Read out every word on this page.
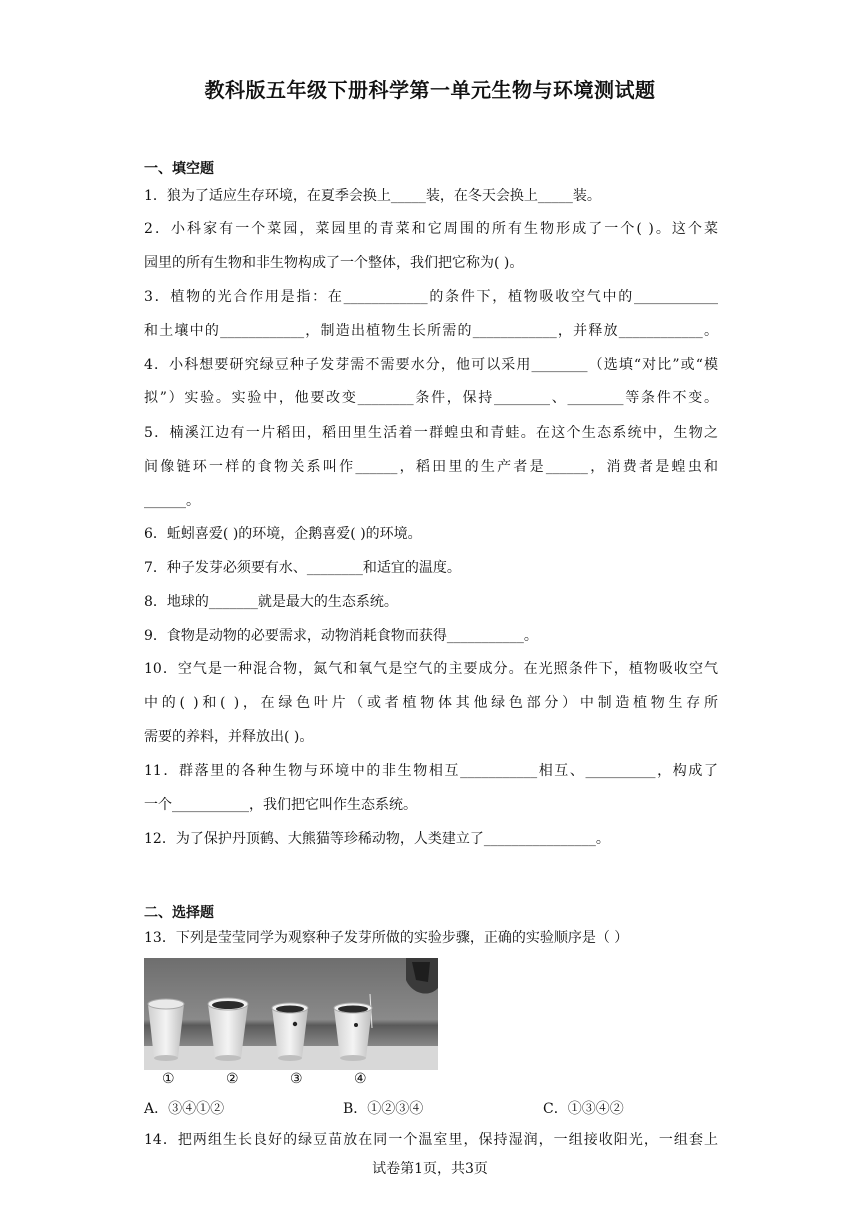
教科版五年级下册科学第一单元生物与环境测试题
一、填空题
1．狼为了适应生存环境，在夏季会换上_____装，在冬天会换上_____装。
2．小科家有一个菜园，菜园里的青菜和它周围的所有生物形成了一个( )。这个菜
园里的所有生物和非生物构成了一个整体，我们把它称为( )。
3．植物的光合作用是指：在____________的条件下，植物吸收空气中的____________
和土壤中的____________，制造出植物生长所需的____________，并释放____________。
4．小科想要研究绿豆种子发芽需不需要水分，他可以采用________（选填“对比”或“模
拟”）实验。实验中，他要改变________条件，保持________、________等条件不变。
5．楠溪江边有一片稻田，稻田里生活着一群蝗虫和青蛙。在这个生态系统中，生物之
间像链环一样的食物关系叫作______，稻田里的生产者是______，消费者是蝗虫和
______。
6．蚯蚓喜爱( )的环境，企鹅喜爱( )的环境。
7．种子发芽必须要有水、________和适宜的温度。
8．地球的_______就是最大的生态系统。
9．食物是动物的必要需求，动物消耗食物而获得___________。
10．空气是一种混合物，氮气和氧气是空气的主要成分。在光照条件下，植物吸收空气
中的( )和( )，在绿色叶片（或者植物体其他绿色部分）中制造植物生存所
需要的养料，并释放出( )。
11．群落里的各种生物与环境中的非生物相互___________相互、__________，构成了
一个___________，我们把它叫作生态系统。
12．为了保护丹顶鹤、大熊猫等珍稀动物，人类建立了________________。
二、选择题
13．下列是莹莹同学为观察种子发芽所做的实验步骤，正确的实验顺序是（ ）
①	②	③	④
A．③④①②	B．①②③④	C．①③④②
14．把两组生长良好的绿豆苗放在同一个温室里，保持湿润，一组接收阳光，一组套上
试卷第1页，共3页
